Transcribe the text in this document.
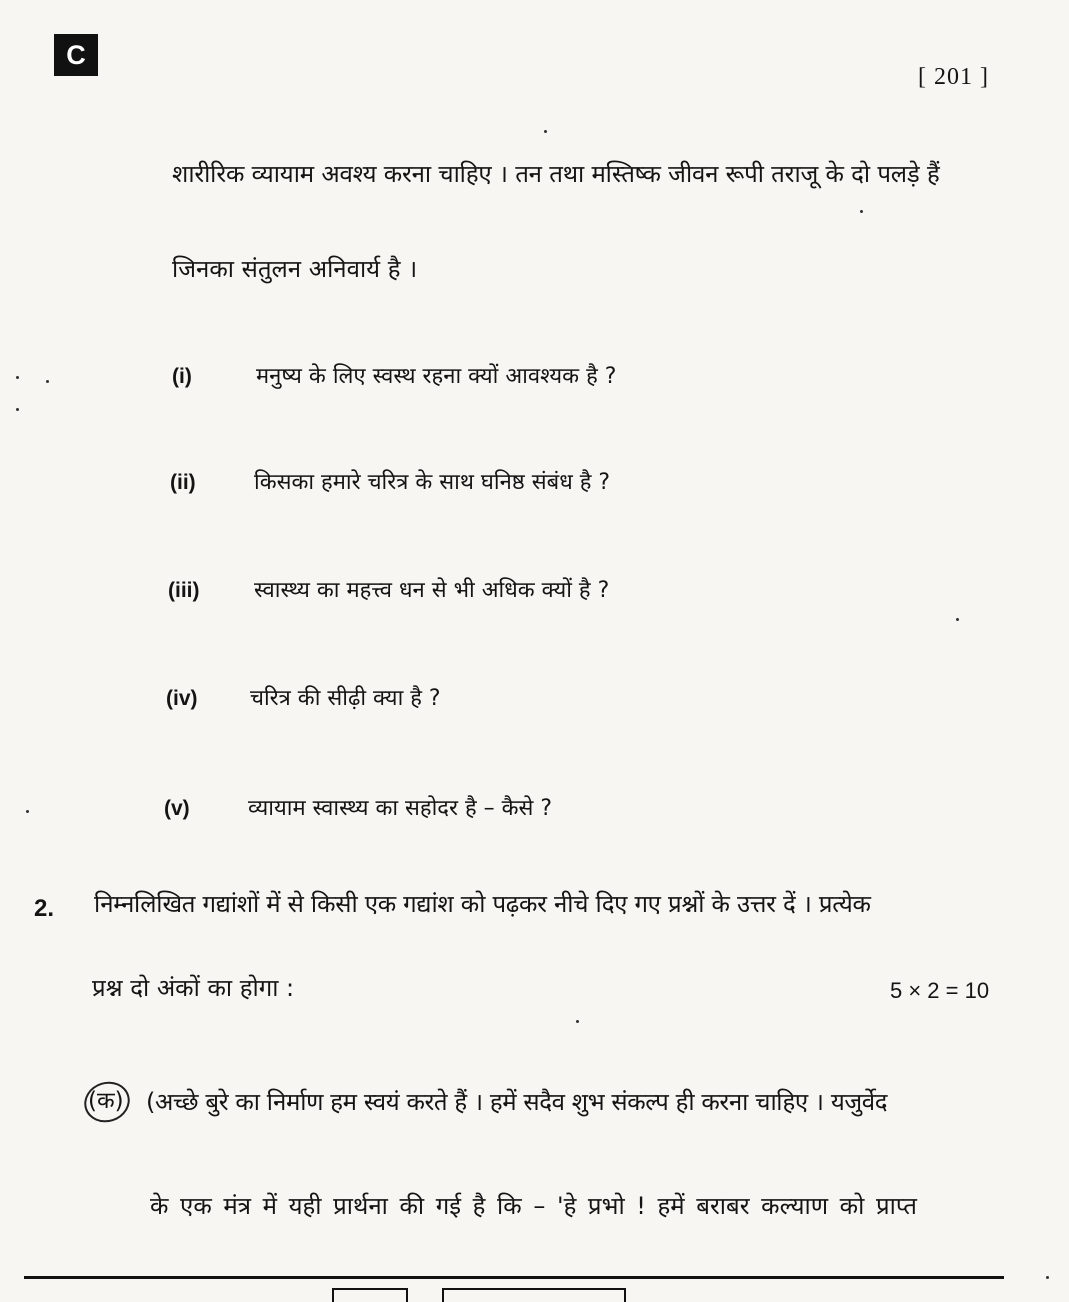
C
[ 201 ]
शारीरिक व्यायाम अवश्य करना चाहिए । तन तथा मस्तिष्क जीवन रूपी तराजू के दो पलड़े हैं
जिनका संतुलन अनिवार्य है ।
(i)	मनुष्य के लिए स्वस्थ रहना क्यों आवश्यक है ?
(ii)	किसका हमारे चरित्र के साथ घनिष्ठ संबंध है ?
(iii) स्वास्थ्य का महत्त्व धन से भी अधिक क्यों है ?
(iv) चरित्र की सीढ़ी क्या है ?
(v)	व्यायाम स्वास्थ्य का सहोदर है – कैसे ?
2. निम्नलिखित गद्यांशों में से किसी एक गद्यांश को पढ़कर नीचे दिए गए प्रश्नों के उत्तर दें । प्रत्येक
प्रश्न दो अंकों का होगा :	5 × 2 = 10
(क) (अच्छे बुरे का निर्माण हम स्वयं करते हैं । हमें सदैव शुभ संकल्प ही करना चाहिए । यजुर्वेद
के एक मंत्र में यही प्रार्थना की गई है कि – 'हे प्रभो ! हमें बराबर कल्याण को प्राप्त
